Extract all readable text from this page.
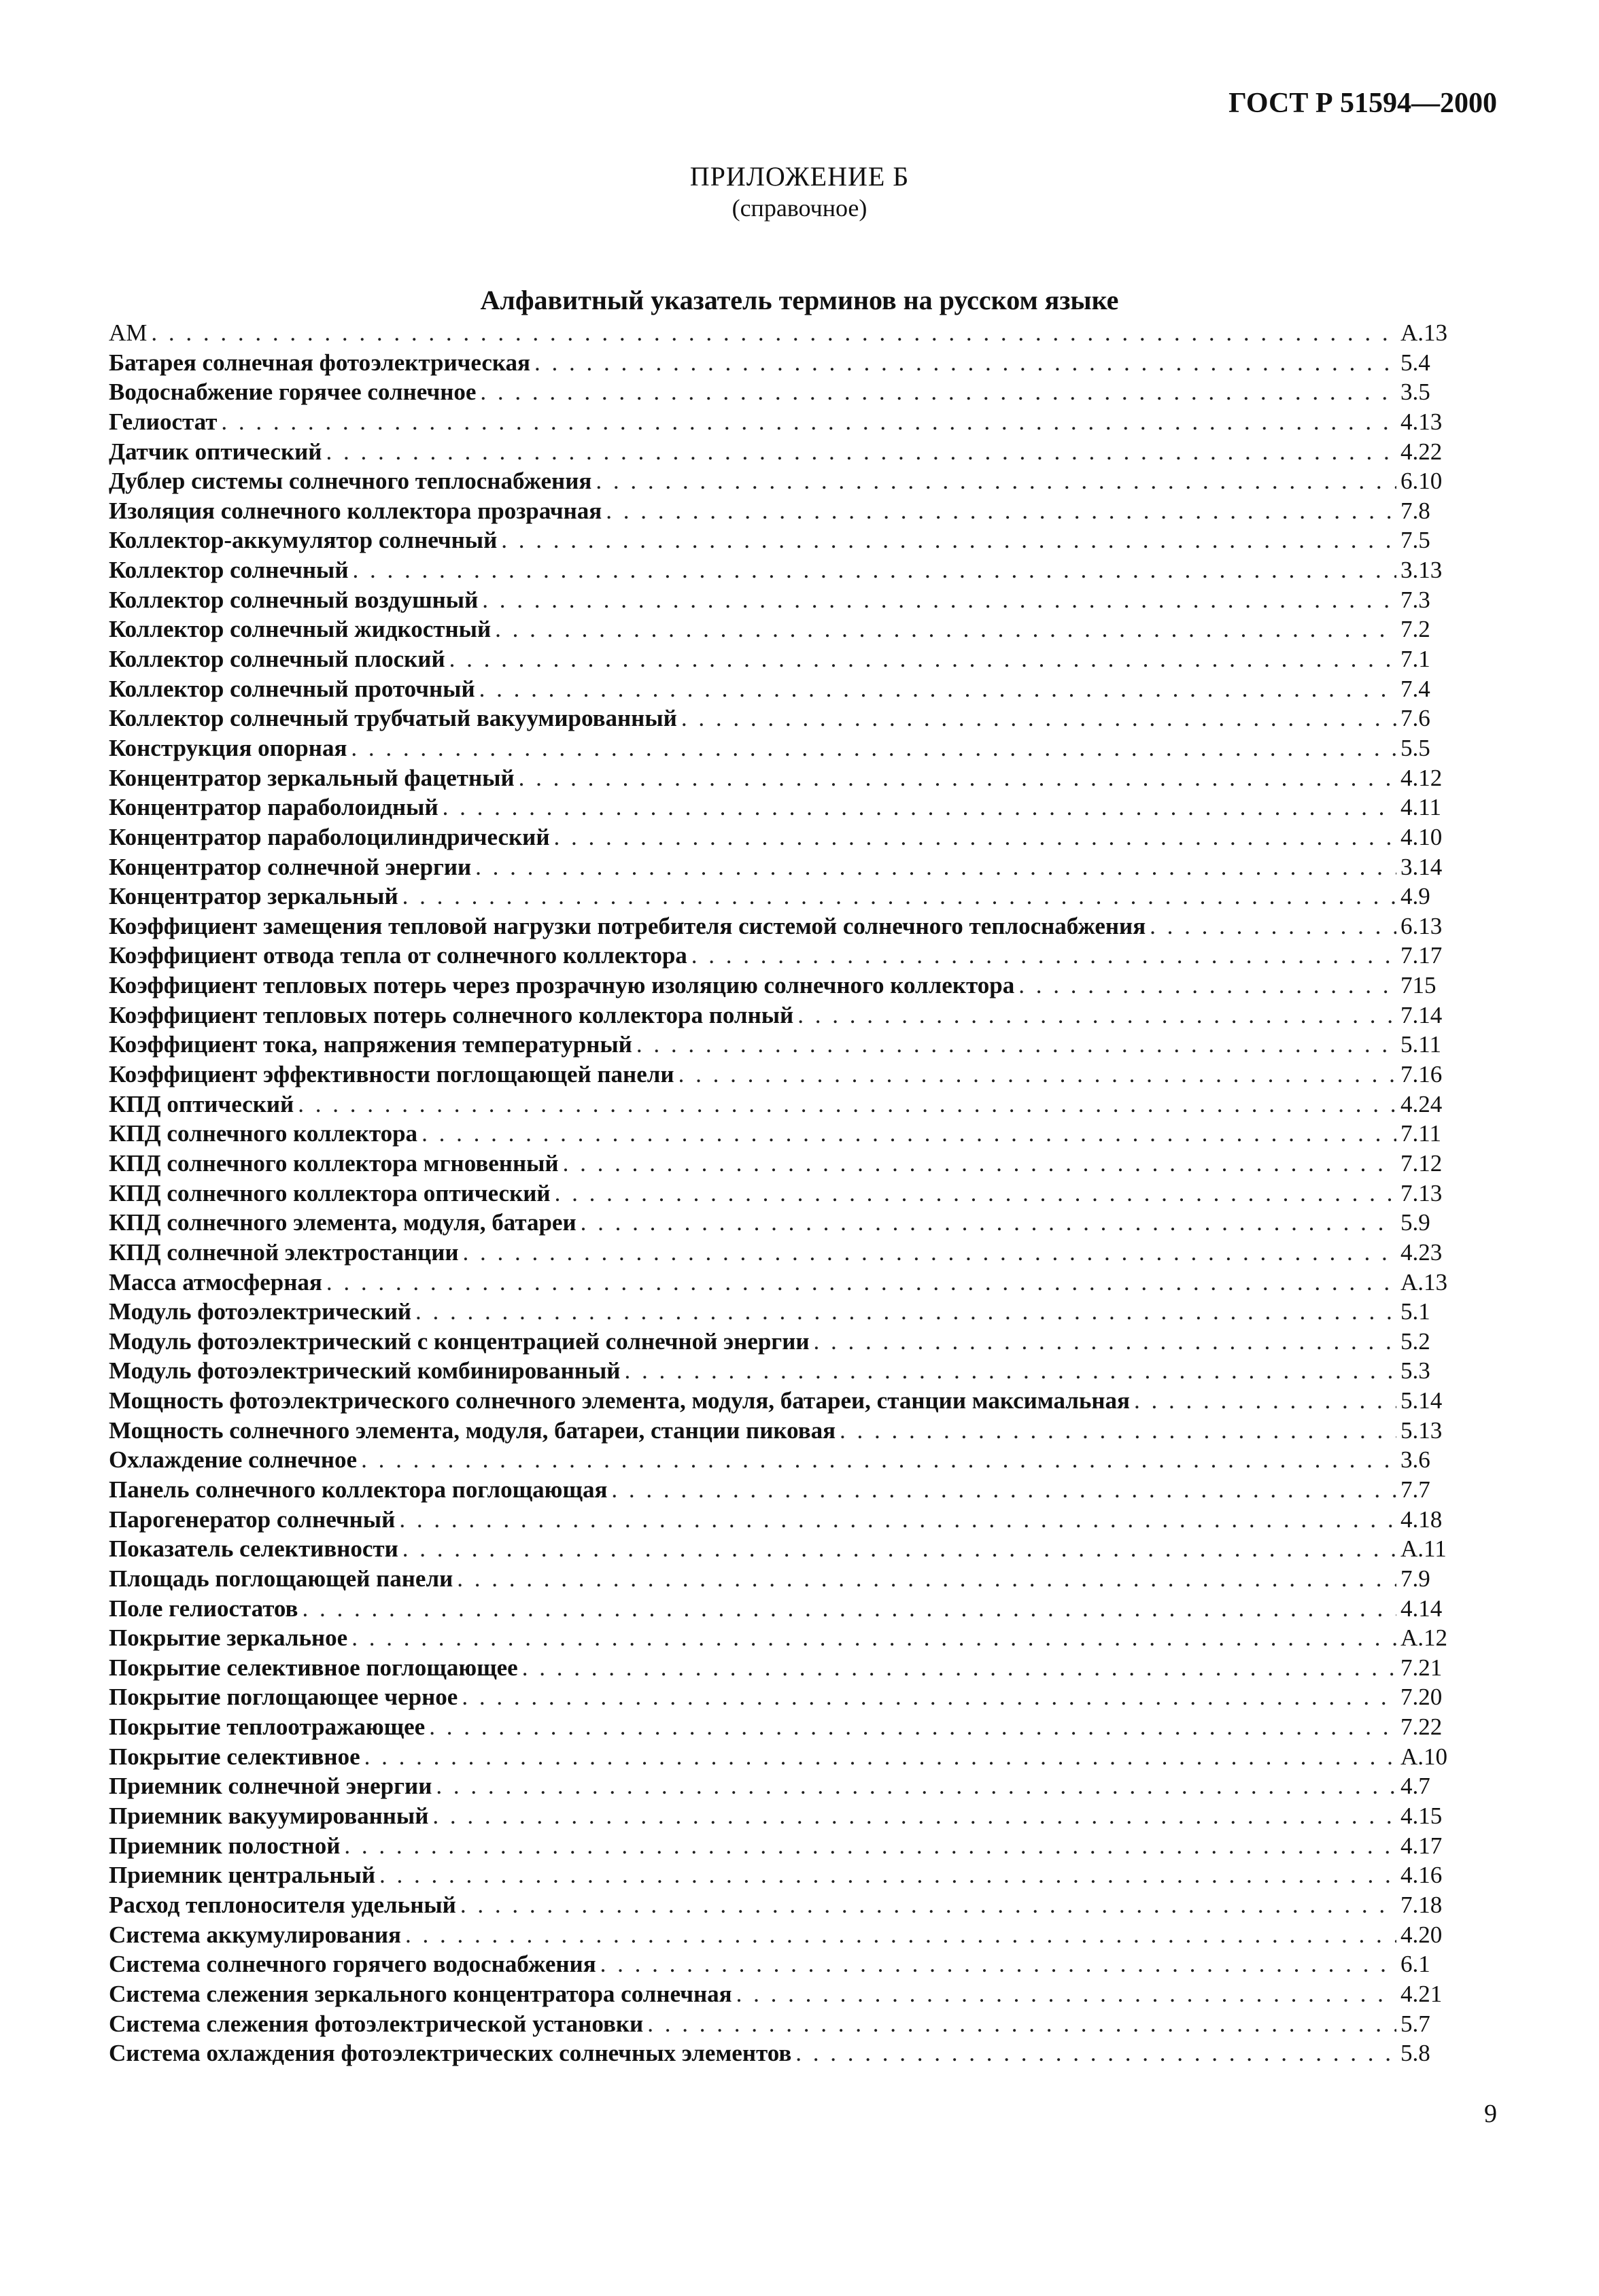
ГОСТ Р 51594—2000
ПРИЛОЖЕНИЕ Б
(справочное)
Алфавитный указатель терминов на русском языке
АМ . . .	А.13
Батарея солнечная фотоэлектрическая . . .	5.4
Водоснабжение горячее солнечное . . .	3.5
Гелиостат . . .	4.13
Датчик оптический . . .	4.22
Дублер системы солнечного теплоснабжения . . .	6.10
Изоляция солнечного коллектора прозрачная . . .	7.8
Коллектор-аккумулятор солнечный . . .	7.5
Коллектор солнечный . . .	3.13
Коллектор солнечный воздушный . . .	7.3
Коллектор солнечный жидкостный . . .	7.2
Коллектор солнечный плоский . . .	7.1
Коллектор солнечный проточный . . .	7.4
Коллектор солнечный трубчатый вакуумированный . . .	7.6
Конструкция опорная . . .	5.5
Концентратор зеркальный фацетный . . .	4.12
Концентратор параболоидный . . .	4.11
Концентратор параболоцилиндрический . . .	4.10
Концентратор солнечной энергии . . .	3.14
Концентратор зеркальный . . .	4.9
Коэффициент замещения тепловой нагрузки потребителя системой солнечного теплоснабжения . . .	6.13
Коэффициент отвода тепла от солнечного коллектора . . .	7.17
Коэффициент тепловых потерь через прозрачную изоляцию солнечного коллектора . . .	715
Коэффициент тепловых потерь солнечного коллектора полный . . .	7.14
Коэффициент тока, напряжения температурный . . .	5.11
Коэффициент эффективности поглощающей панели . . .	7.16
КПД оптический . . .	4.24
КПД солнечного коллектора . . .	7.11
КПД солнечного коллектора мгновенный . . .	7.12
КПД солнечного коллектора оптический . . .	7.13
КПД солнечного элемента, модуля, батареи . . .	5.9
КПД солнечной электростанции . . .	4.23
Масса атмосферная . . .	А.13
Модуль фотоэлектрический . . .	5.1
Модуль фотоэлектрический с концентрацией солнечной энергии . . .	5.2
Модуль фотоэлектрический комбинированный . . .	5.3
Мощность фотоэлектрического солнечного элемента, модуля, батареи, станции максимальная . . .	5.14
Мощность солнечного элемента, модуля, батареи, станции пиковая . . .	5.13
Охлаждение солнечное . . .	3.6
Панель солнечного коллектора поглощающая . . .	7.7
Парогенератор солнечный . . .	4.18
Показатель селективности . . .	А.11
Площадь поглощающей панели . . .	7.9
Поле гелиостатов . . .	4.14
Покрытие зеркальное . . .	А.12
Покрытие селективное поглощающее . . .	7.21
Покрытие поглощающее черное . . .	7.20
Покрытие теплоотражающее . . .	7.22
Покрытие селективное . . .	А.10
Приемник солнечной энергии . . .	4.7
Приемник вакуумированный . . .	4.15
Приемник полостной . . .	4.17
Приемник центральный . . .	4.16
Расход теплоносителя удельный . . .	7.18
Система аккумулирования . . .	4.20
Система солнечного горячего водоснабжения . . .	6.1
Система слежения зеркального концентратора солнечная . . .	4.21
Система слежения фотоэлектрической установки . . .	5.7
Система охлаждения фотоэлектрических солнечных элементов . . .	5.8
9
